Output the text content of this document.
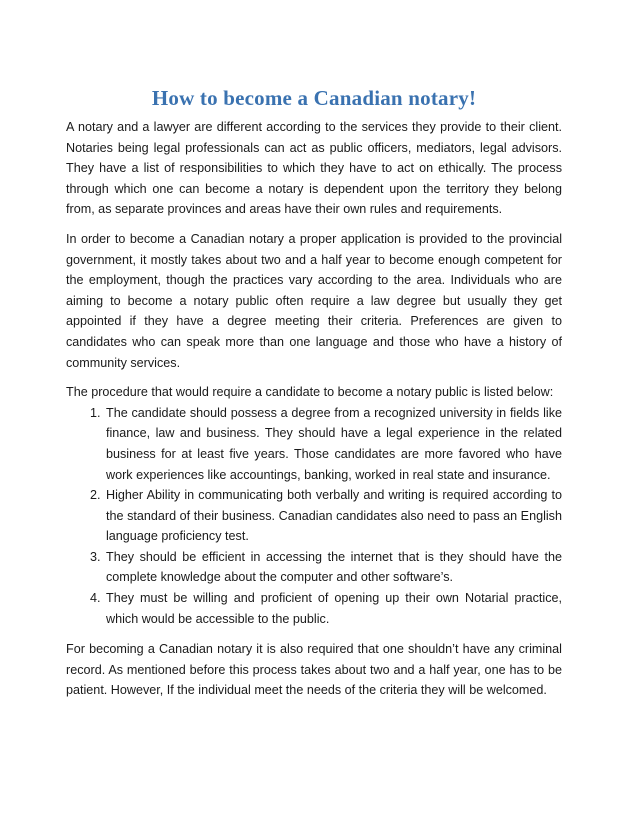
How to become a Canadian notary!

A notary and a lawyer are different according to the services they provide to their client. Notaries being legal professionals can act as public officers, mediators, legal advisors. They have a list of responsibilities to which they have to act on ethically. The process through which one can become a notary is dependent upon the territory they belong from, as separate provinces and areas have their own rules and requirements.

In order to become a Canadian notary a proper application is provided to the provincial government, it mostly takes about two and a half year to become enough competent for the employment, though the practices vary according to the area. Individuals who are aiming to become a notary public often require a law degree but usually they get appointed if they have a degree meeting their criteria. Preferences are given to candidates who can speak more than one language and those who have a history of community services.

The procedure that would require a candidate to become a notary public is listed below:

1. The candidate should possess a degree from a recognized university in fields like finance, law and business. They should have a legal experience in the related business for at least five years. Those candidates are more favored who have work experiences like accountings, banking, worked in real state and insurance.
2. Higher Ability in communicating both verbally and writing is required according to the standard of their business. Canadian candidates also need to pass an English language proficiency test.
3. They should be efficient in accessing the internet that is they should have the complete knowledge about the computer and other software’s.
4. They must be willing and proficient of opening up their own Notarial practice, which would be accessible to the public.

For becoming a Canadian notary it is also required that one shouldn’t have any criminal record. As mentioned before this process takes about two and a half year, one has to be patient. However, If the individual meet the needs of the criteria they will be welcomed.
